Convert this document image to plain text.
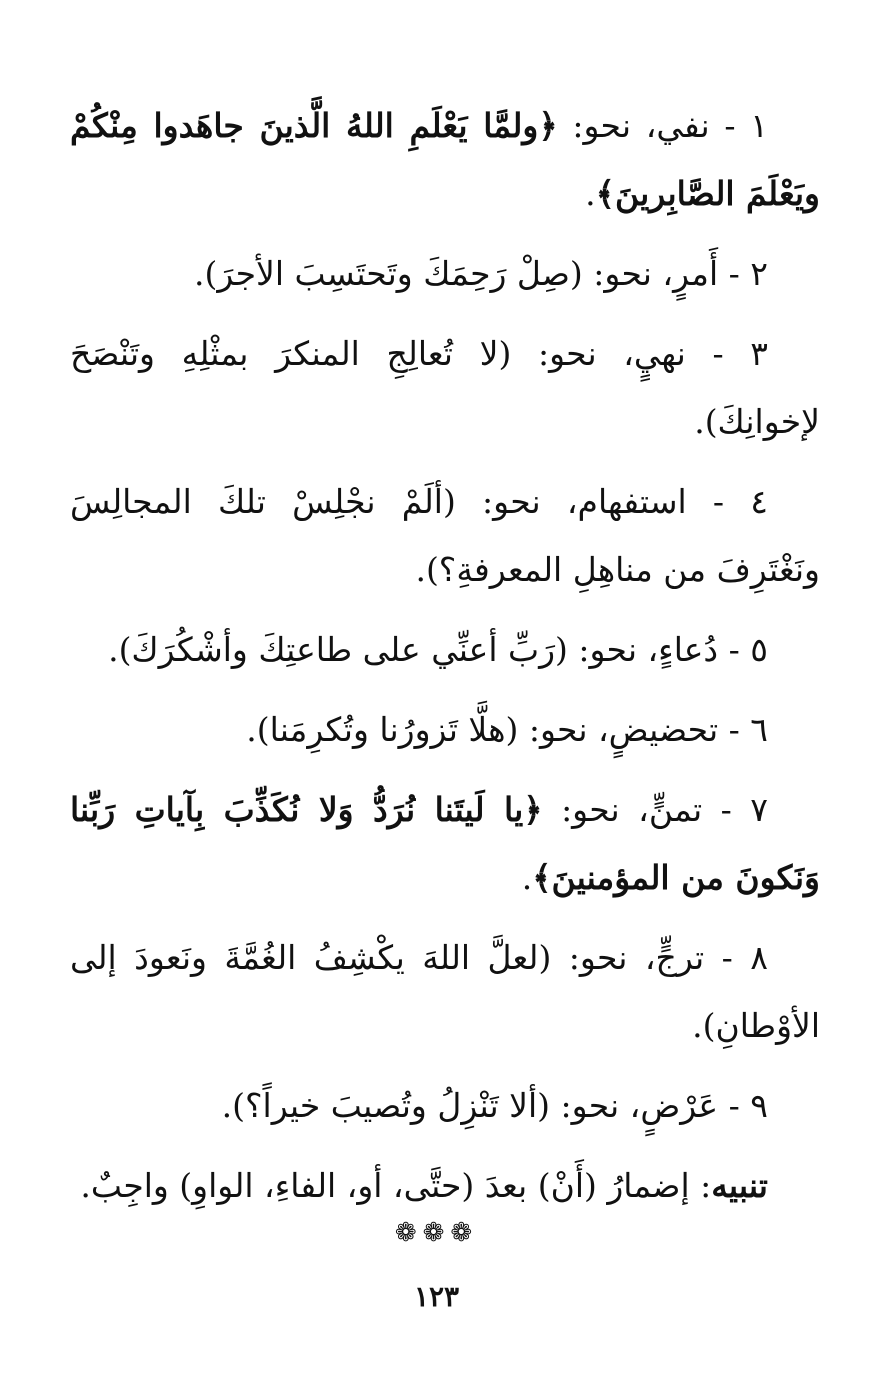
١ - نفي، نحو: ﴿ولمَّا يَعْلَمِ اللهُ الَّذينَ جاهَدوا مِنْكُمْ ويَعْلَمَ الصَّابِرينَ﴾.

٢ - أَمرٍ، نحو: (صِلْ رَحِمَكَ وتَحتَسِبَ الأجرَ).

٣ - نهيٍ، نحو: (لا تُعالِجِ المنكرَ بمثْلِهِ وتَنْصَحَ لإخوانِكَ).

٤ - استفهام، نحو: (ألَمْ نجْلِسْ تلكَ المجالِسَ ونَغْتَرِفَ من مناهِلِ المعرفةِ؟).

٥ - دُعاءٍ، نحو: (رَبِّ أعنِّي على طاعتِكَ وأشْكُرَكَ).

٦ - تحضيضٍ، نحو: (هلَّا تَزورُنا وتُكرِمَنا).

٧ - تمنٍّ، نحو: ﴿يا لَيتَنا نُرَدُّ وَلا نُكَذِّبَ بِآياتِ رَبِّنا وَنَكونَ من المؤمنينَ﴾.

٨ - ترجٍّ، نحو: (لعلَّ اللهَ يكْشِفُ الغُمَّةَ ونَعودَ إلى الأوْطانِ).

٩ - عَرْضٍ، نحو: (ألا تَنْزِلُ وتُصيبَ خيراً؟).

تنبيه: إضمارُ (أَنْ) بعدَ (حتَّى، أو، الفاءِ، الواوِ) واجِبٌ.

❁❁❁
١٢٣
